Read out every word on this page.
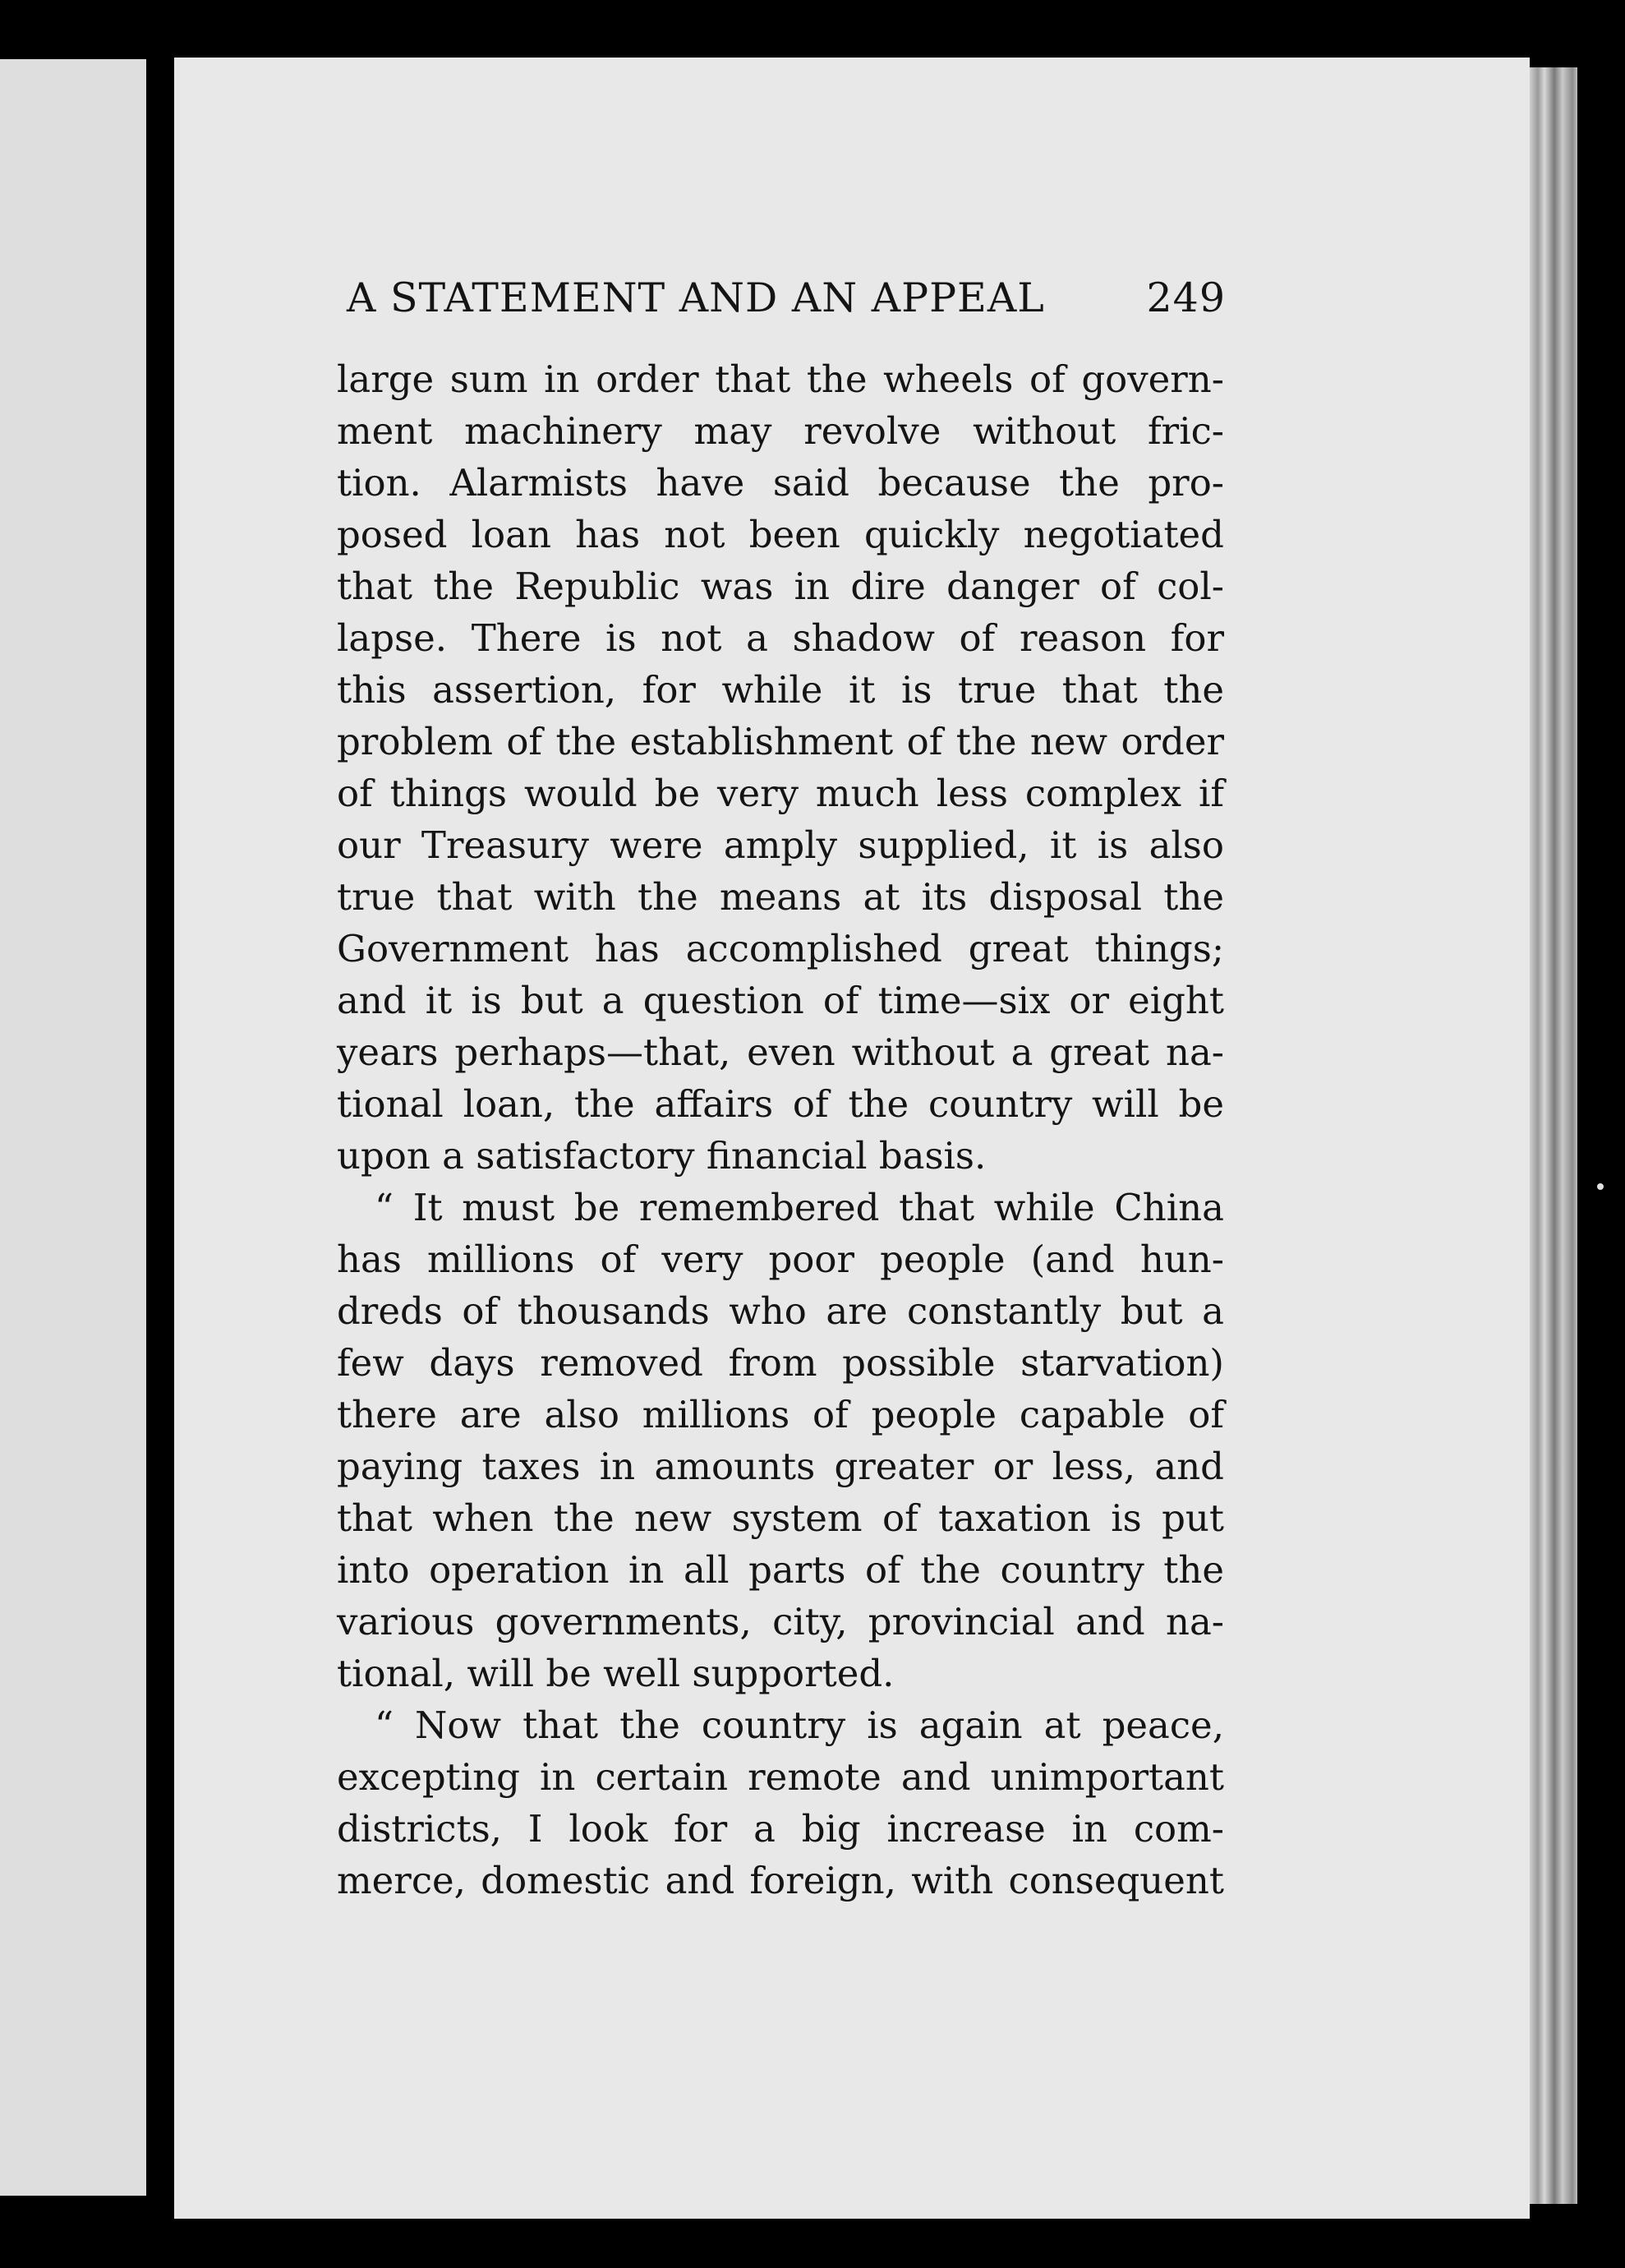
A STATEMENT AND AN APPEAL	249
large sum in order that the wheels of govern-
ment machinery may revolve without fric-
tion. Alarmists have said because the pro-
posed loan has not been quickly negotiated
that the Republic was in dire danger of col-
lapse. There is not a shadow of reason for
this assertion, for while it is true that the
problem of the establishment of the new order
of things would be very much less complex if
our Treasury were amply supplied, it is also
true that with the means at its disposal the
Government has accomplished great things;
and it is but a question of time—six or eight
years perhaps—that, even without a great na-
tional loan, the affairs of the country will be
upon a satisfactory financial basis.
“ It must be remembered that while China
has millions of very poor people (and hun-
dreds of thousands who are constantly but a
few days removed from possible starvation)
there are also millions of people capable of
paying taxes in amounts greater or less, and
that when the new system of taxation is put
into operation in all parts of the country the
various governments, city, provincial and na-
tional, will be well supported.
“ Now that the country is again at peace,
excepting in certain remote and unimportant
districts, I look for a big increase in com-
merce, domestic and foreign, with consequent
